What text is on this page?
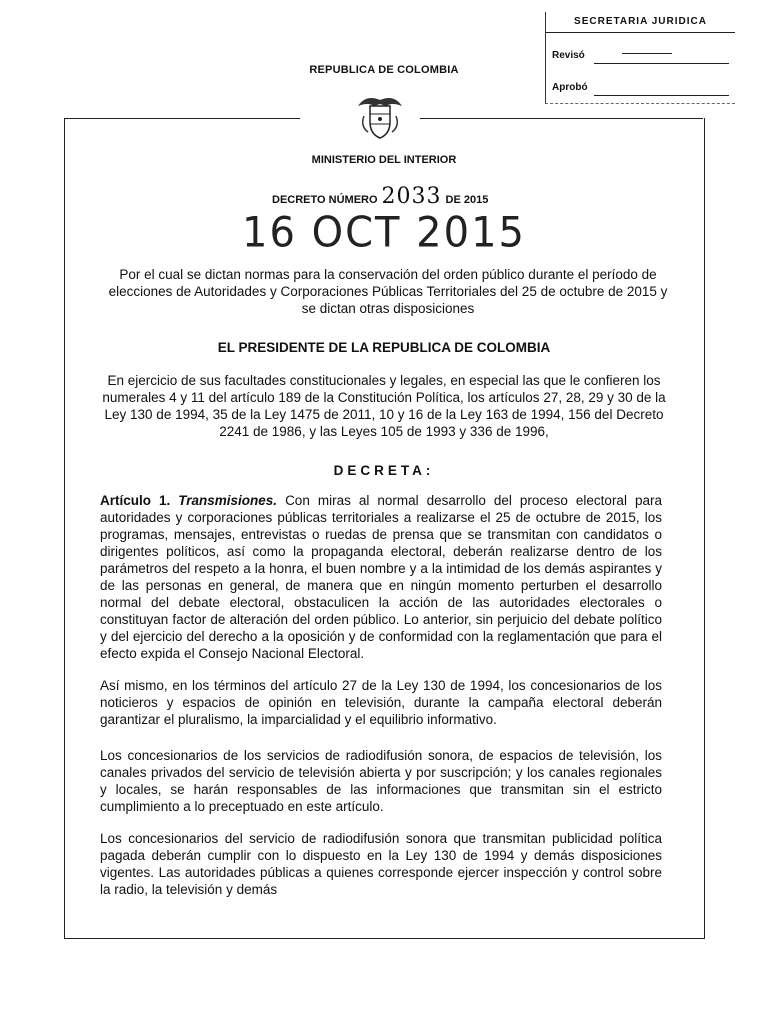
SECRETARIA JURIDICA
Revisó
Aprobó
REPUBLICA DE COLOMBIA
MINISTERIO DEL INTERIOR
DECRETO NÚMERO 2033 DE 2015
16 OCT 2015
Por el cual se dictan normas para la conservación del orden público durante el período de elecciones de Autoridades y Corporaciones Públicas Territoriales del 25 de octubre de 2015 y se dictan otras disposiciones
EL PRESIDENTE DE LA REPUBLICA DE COLOMBIA
En ejercicio de sus facultades constitucionales y legales, en especial las que le confieren los numerales 4 y 11 del artículo 189 de la Constitución Política, los artículos 27, 28, 29 y 30 de la Ley 130 de 1994, 35 de la Ley 1475 de 2011, 10 y 16 de la Ley 163 de 1994, 156 del Decreto 2241 de 1986, y las Leyes 105 de 1993 y 336 de 1996,
DECRETA:
Artículo 1. Transmisiones. Con miras al normal desarrollo del proceso electoral para autoridades y corporaciones públicas territoriales a realizarse el 25 de octubre de 2015, los programas, mensajes, entrevistas o ruedas de prensa que se transmitan con candidatos o dirigentes políticos, así como la propaganda electoral, deberán realizarse dentro de los parámetros del respeto a la honra, el buen nombre y a la intimidad de los demás aspirantes y de las personas en general, de manera que en ningún momento perturben el desarrollo normal del debate electoral, obstaculicen la acción de las autoridades electorales o constituyan factor de alteración del orden público. Lo anterior, sin perjuicio del debate político y del ejercicio del derecho a la oposición y de conformidad con la reglamentación que para el efecto expida el Consejo Nacional Electoral.
Así mismo, en los términos del artículo 27 de la Ley 130 de 1994, los concesionarios de los noticieros y espacios de opinión en televisión, durante la campaña electoral deberán garantizar el pluralismo, la imparcialidad y el equilibrio informativo.
Los concesionarios de los servicios de radiodifusión sonora, de espacios de televisión, los canales privados del servicio de televisión abierta y por suscripción; y los canales regionales y locales, se harán responsables de las informaciones que transmitan sin el estricto cumplimiento a lo preceptuado en este artículo.
Los concesionarios del servicio de radiodifusión sonora que transmitan publicidad política pagada deberán cumplir con lo dispuesto en la Ley 130 de 1994 y demás disposiciones vigentes. Las autoridades públicas a quienes corresponde ejercer inspección y control sobre la radio, la televisión y demás
